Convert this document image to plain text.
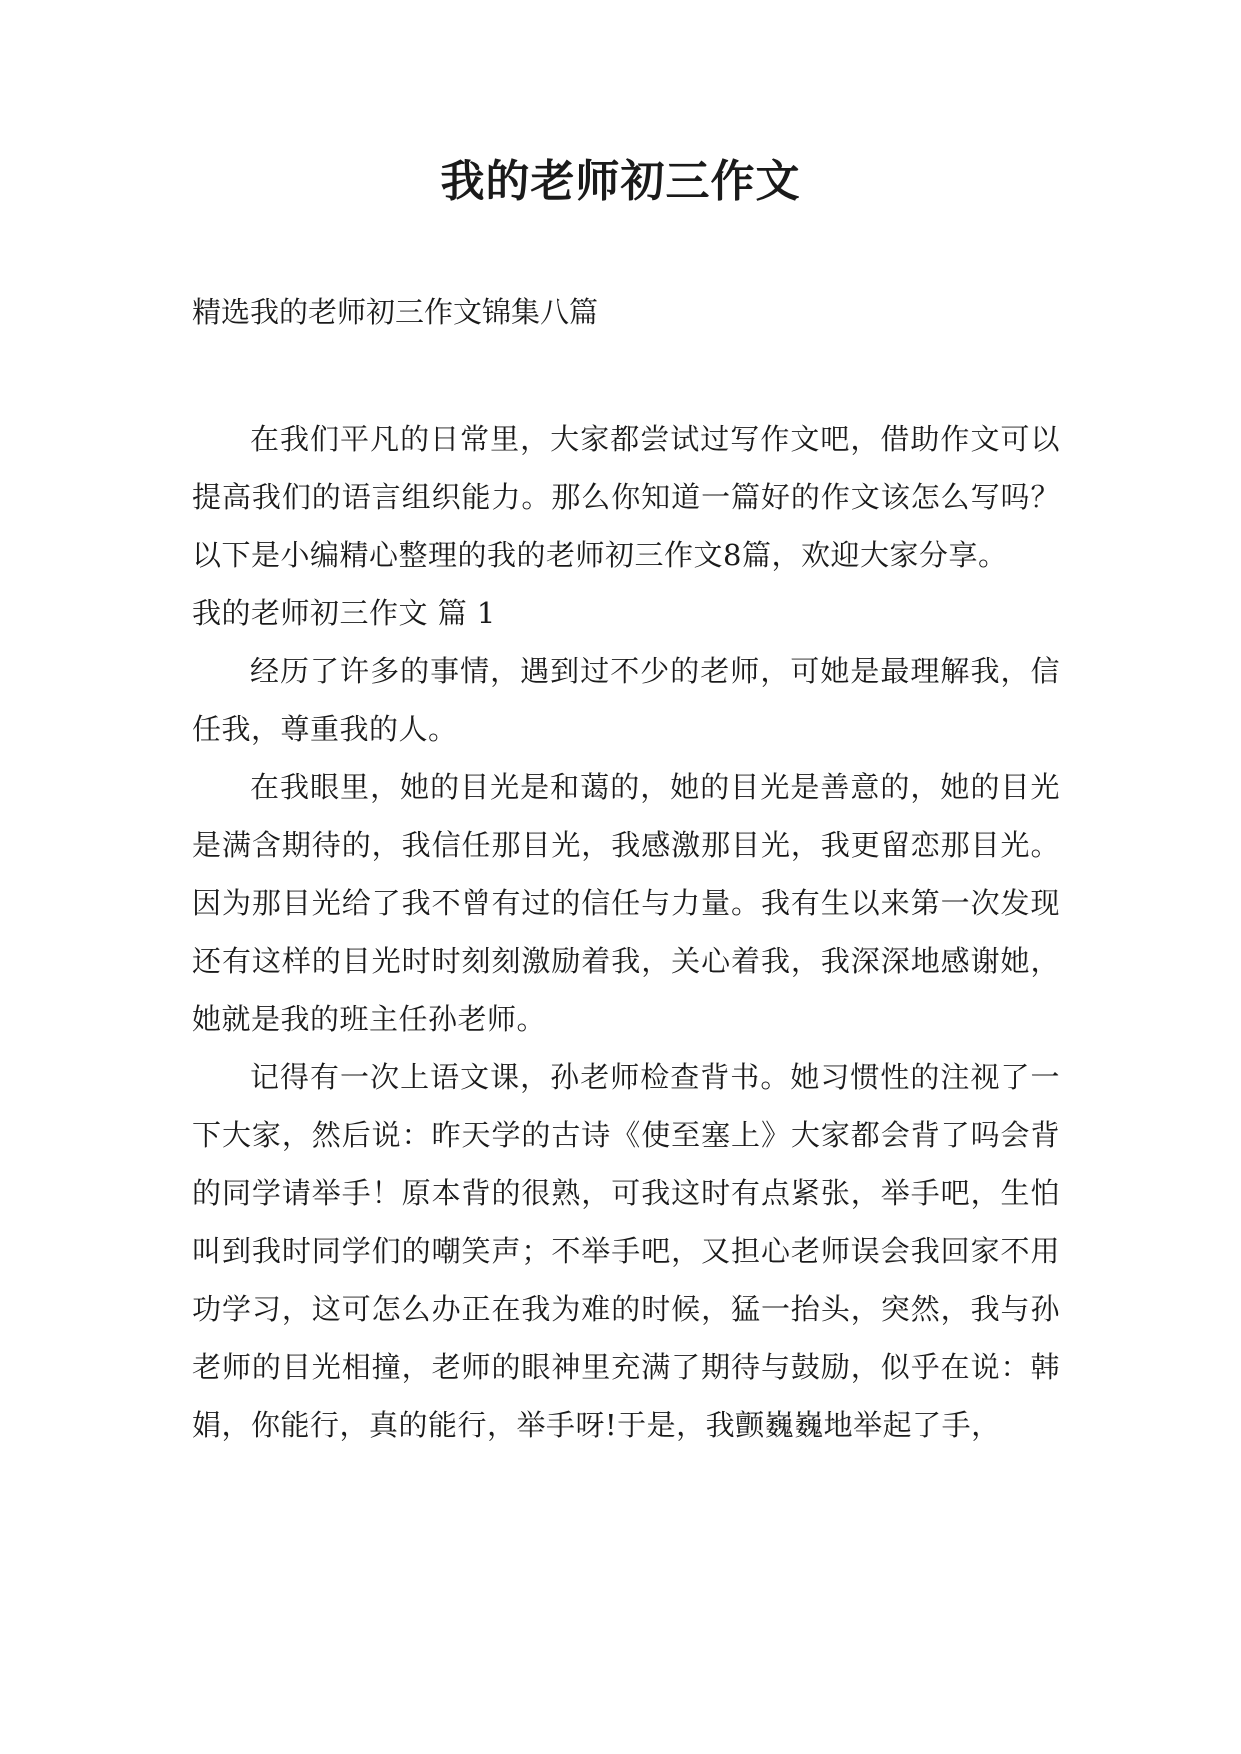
我的老师初三作文

精选我的老师初三作文锦集八篇

在我们平凡的日常里，大家都尝试过写作文吧，借助作文可以提高我们的语言组织能力。那么你知道一篇好的作文该怎么写吗？以下是小编精心整理的我的老师初三作文8篇，欢迎大家分享。

我的老师初三作文 篇 1

经历了许多的事情，遇到过不少的老师，可她是最理解我，信任我，尊重我的人。

在我眼里，她的目光是和蔼的，她的目光是善意的，她的目光是满含期待的，我信任那目光，我感激那目光，我更留恋那目光。因为那目光给了我不曾有过的信任与力量。我有生以来第一次发现还有这样的目光时时刻刻激励着我，关心着我，我深深地感谢她，她就是我的班主任孙老师。

记得有一次上语文课，孙老师检查背书。她习惯性的注视了一下大家，然后说：昨天学的古诗《使至塞上》大家都会背了吗会背的同学请举手！原本背的很熟，可我这时有点紧张，举手吧，生怕叫到我时同学们的嘲笑声；不举手吧，又担心老师误会我回家不用功学习，这可怎么办正在我为难的时候，猛一抬头，突然，我与孙老师的目光相撞，老师的眼神里充满了期待与鼓励，似乎在说：韩娟，你能行，真的能行，举手呀!于是，我颤巍巍地举起了手，
